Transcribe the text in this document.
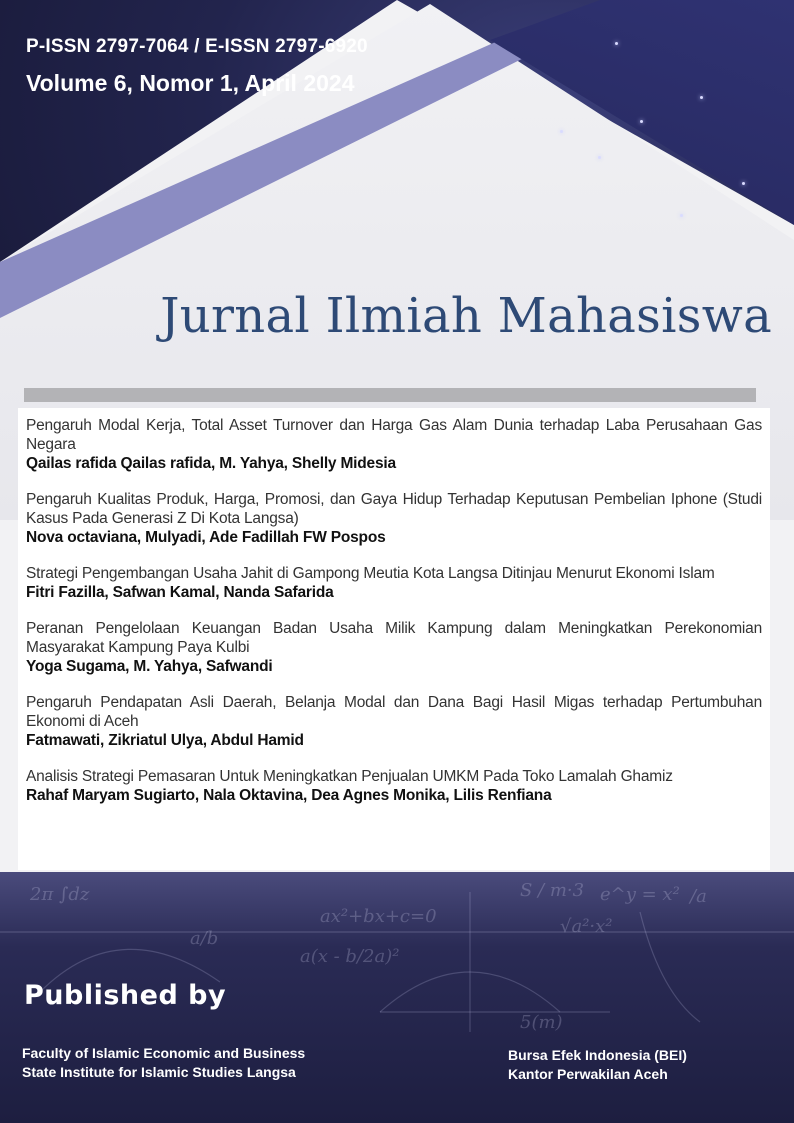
P-ISSN 2797-7064 / E-ISSN 2797-6920
Volume 6, Nomor 1, April 2024
Jurnal Ilmiah Mahasiswa
Pengaruh Modal Kerja, Total Asset Turnover dan Harga Gas Alam Dunia terhadap Laba Perusahaan Gas Negara
Qailas rafida Qailas rafida, M. Yahya, Shelly Midesia
Pengaruh Kualitas Produk, Harga, Promosi, dan Gaya Hidup Terhadap Keputusan Pembelian Iphone (Studi Kasus Pada Generasi Z Di Kota Langsa)
Nova octaviana, Mulyadi, Ade Fadillah FW Pospos
Strategi Pengembangan Usaha Jahit di Gampong Meutia Kota Langsa Ditinjau Menurut Ekonomi Islam
Fitri Fazilla, Safwan Kamal, Nanda Safarida
Peranan Pengelolaan Keuangan Badan Usaha Milik Kampung dalam Meningkatkan Perekonomian Masyarakat Kampung Paya Kulbi
Yoga Sugama, M. Yahya, Safwandi
Pengaruh Pendapatan Asli Daerah, Belanja Modal dan Dana Bagi Hasil Migas terhadap Pertumbuhan Ekonomi di Aceh
Fatmawati, Zikriatul Ulya, Abdul Hamid
Analisis Strategi Pemasaran Untuk Meningkatkan Penjualan UMKM Pada Toko Lamalah Ghamiz
Rahaf Maryam Sugiarto, Nala Oktavina, Dea Agnes Monika, Lilis Renfiana
2π ∫dz
ax²+bx+c=0
a(x - b/2a)²
S / m·3 e^y = x²
√a²·x²
/a
a/b
5(m)
Published by
Faculty of Islamic Economic and Business
State Institute for Islamic Studies Langsa
Bursa Efek Indonesia (BEI)
Kantor Perwakilan Aceh
